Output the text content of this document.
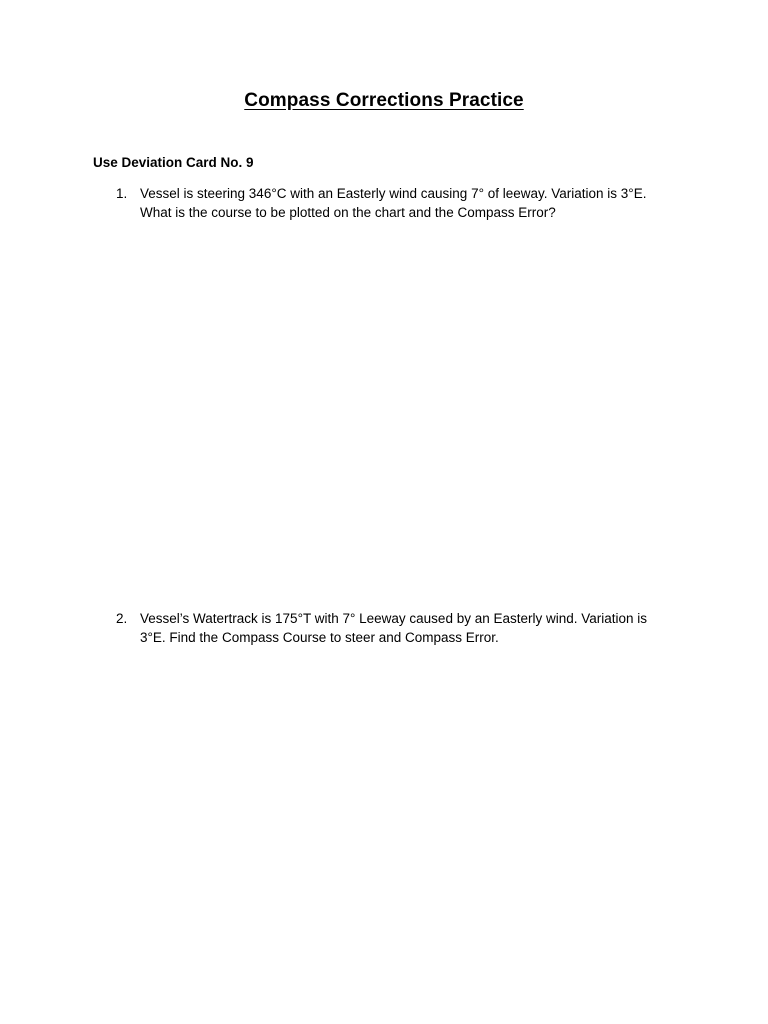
Compass Corrections Practice
Use Deviation Card No. 9
1. Vessel is steering 346°C with an Easterly wind causing 7° of leeway. Variation is 3°E.
What is the course to be plotted on the chart and the Compass Error?
2. Vessel’s Watertrack is 175°T with 7° Leeway caused by an Easterly wind. Variation is
3°E. Find the Compass Course to steer and Compass Error.
